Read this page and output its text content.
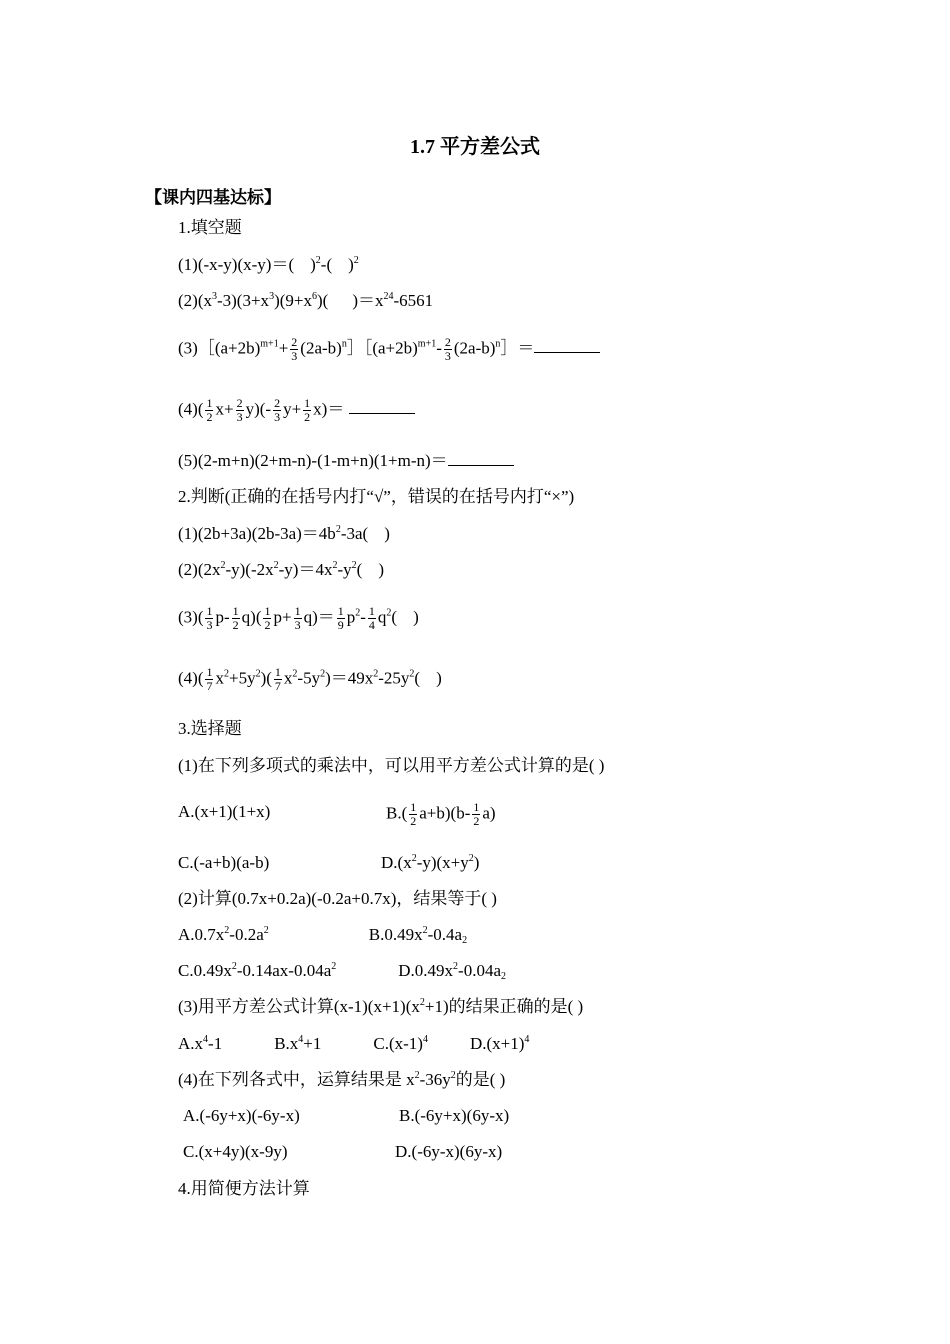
1.7 平方差公式
【课内四基达标】
1.填空题
(1)(-x-y)(x-y)＝( )$^2$-( )$^2$
$(2)(x^3-3)(3+x^3)(9+x^6)$( )$=x^{24}-6561$
$(3)[(a+2b)^{m+1}+ \frac{2}{3}$ $(2a-b)^n][(a+2b)^{m+1}- \frac{2}{3}$ $(2a-b)^n]=$
$(4)( \frac{1}{2} x+ \frac{2}{3} y)(- \frac{2}{3} y+ \frac{1}{2} x)=$
(5)(2-m+n)(2+m-n)-(1-m+n)(1+m-n)＝
2.判断(正确的在括号内打“√”，错误的在括号内打“×”)
$(1)(2b+3a)(2b-3a)=4b^2-3a$( )
$(2)(2x^2-y)(-2x^2-y)=4x^2-y^2$( )
$(3)( \frac{1}{3} p- \frac{1}{2} q)( \frac{1}{2} p+ \frac{1}{3} q)= \frac{1}{9} p^2- \frac{1}{4} q^2$( )
$(4)( \frac{1}{7} x^2+5y^2)( \frac{1}{7} x^2-5y^2)=49x^2-25y^2$( )
3.选择题
(1)在下列多项式的乘法中，可以用平方差公式计算的是( )
A.(x+1)(1+x)	$B.( \frac{1}{2} a+b)(b- \frac{1}{2} a)$
C.(-a+b)(a-b)	$D.(x^2-y)(x+y^2)$
(2)计算(0.7x+0.2a)(-0.2a+0.7x)，结果等于( )
$A.0.7x^2-0.2a^2$	$B.0.49x^2-0.4a_2$
$C.0.49x^2-0.14ax-0.04a^2$	$D.0.49x^2-0.04a_2$
(3)用平方差公式计算$(x-1)(x+1)(x^2+1)$的结果正确的是( )
$A.x^4-1$	$B.x^4+1$	$C.(x-1)^4$ $D.(x+1)^4$
(4)在下列各式中，运算结果是 $x^2-36y^2$的是( )
A.(-6y+x)(-6y-x)	B.(-6y+x)(6y-x)
C.(x+4y)(x-9y)	D.(-6y-x)(6y-x)
4.用简便方法计算
